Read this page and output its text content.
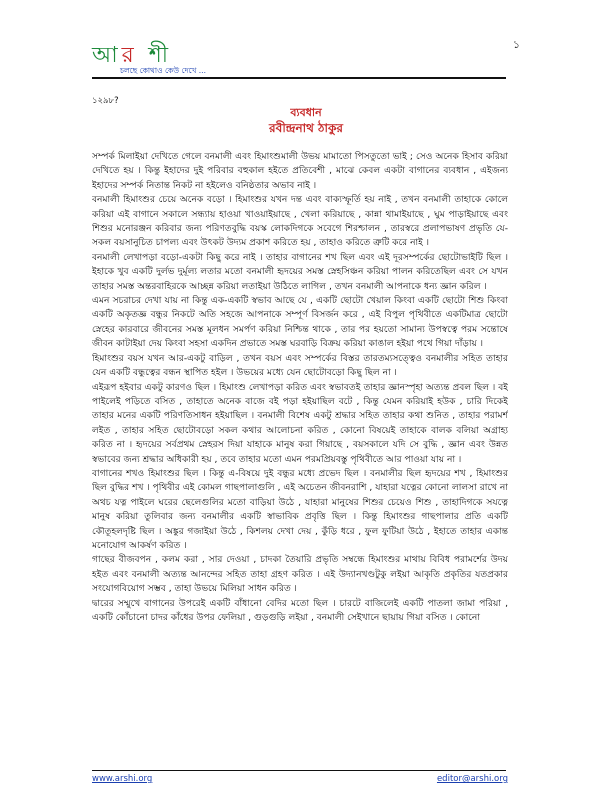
আর শী
চলছে কোথাও কেউ দেখে ...
১
১২৯৮?
ব্যবধান
রবীন্দ্রনাথ ঠাকুর

সম্পর্ক মিলাইয়া দেখিতে গেলে বনমালী এবং হিমাংশুমালী উভয় মামাতো পিসতুতো ভাই ; সেও অনেক হিসাব করিয়া দেখিতে হয় । কিন্তু ইহাদের দুই পরিবার বহুকাল হইতে প্রতিবেশী , মাঝে কেবল একটা বাগানের ব্যবধান , এইজন্য ইহাদের সম্পর্ক নিতান্ত নিকট না হইলেও বনিষ্ঠতার অভাব নাই ।

বনমালী হিমাংশুর চেয়ে অনেক বড়ো । হিমাংশুর যখন দন্ত এবং বাক্যস্ফূর্তি হয় নাই , তখন বনমালী তাহাকে কোলে করিয়া এই বাগানে সকালে সন্ধ্যায় হাওয়া খাওয়াইয়াছে , খেলা করিয়াছে , কান্না থামাইয়াছে , ঘুম পাড়াইয়াছে এবং শিশুর মনোরঞ্জন করিবার জন্য পরিণতবুদ্ধি বয়স্ক লোকদিগকে সবেগে শিরশ্চালন , তারস্বরে প্রলাপভাষণ প্রভৃতি যে-সকল বয়সানুচিত চাপল্য এবং উৎকট উদ্যম প্রকাশ করিতে হয় , তাহাও করিতে ত্রুটি করে নাই ।

বনমালী লেখাপড়া বড়ো-একটা কিছু করে নাই । তাহার বাগানের শখ ছিল এবং এই দূরসম্পর্কের ছোটোভাইটি ছিল । ইহাকে খুব একটি দুর্লভ দুর্মূল্য লতার মতো বনমালী হৃদয়ের সমস্ত স্নেহসিঞ্চন করিয়া পালন করিতেছিল এবং সে যখন তাহার সমস্ত অন্তরবাহিরকে আচ্ছন্ন করিয়া লতাইয়া উঠিতে লাগিল , তখন বনমালী আপনাকে ধন্য জ্ঞান করিল ।

এমন সচরাচর দেখা যায় না কিন্তু এক-একটি স্বভাব আছে যে , একটি ছোটো খেয়াল কিংবা একটি ছোটো শিশু কিংবা একটি অকৃতজ্ঞ বন্ধুর নিকটে অতি সহজে আপনাকে সম্পূর্ণ বিসর্জন করে , এই বিপুল পৃথিবীতে একটিমাত্র ছোটো স্নেহের কারবারে জীবনের সমস্ত মূলধন সমর্পণ করিয়া নিশ্চিন্ত থাকে , তার পর হয়তো সামান্য উপস্বত্বে পরম সন্তোষে জীবন কাটাইয়া দেয় কিংবা সহসা একদিন প্রভাতে সমস্ত ঘরবাড়ি বিক্রয় করিয়া কাঙাল হইয়া পথে গিয়া দাঁড়ায় ।

হিমাংশুর বয়স যখন আর-একটু বাড়িল , তখন বয়স এবং সম্পর্কের বিস্তর তারতম্যসত্ত্বেও বনমালীর সহিত তাহার যেন একটি বন্ধুত্বের বন্ধন স্থাপিত হইল । উভয়ের মধ্যে যেন ছোটোবড়ো কিছু ছিল না ।

এইরূপ হইবার একটু কারণও ছিল । হিমাংশু লেখাপড়া করিত এবং স্বভাবতই তাহার জ্ঞানস্পৃহা অত্যন্ত প্রবল ছিল । বই পাইলেই পড়িতে বসিত , তাহাতে অনেক বাজে বই পড়া হইয়াছিল বটে , কিন্তু যেমন করিয়াই হউক , চারি দিকেই তাহার মনের একটি পরিণতিসাধন হইয়াছিল । বনমালী বিশেষ একটু শ্রদ্ধার সহিত তাহার কথা শুনিত , তাহার পরামর্শ লইত , তাহার সহিত ছোটোবড়ো সকল কথার আলোচনা করিত , কোনো বিষয়েই তাহাকে বালক বলিয়া অগ্রাহ্য করিত না । হৃদয়ের সর্বপ্রথম স্নেহরস দিয়া যাহাকে মানুষ করা গিয়াছে , বয়সকালে যদি সে বুদ্ধি , জ্ঞান এবং উন্নত স্বভাবের জন্য শ্রদ্ধার অধিকারী হয় , তবে তাহার মতো এমন পরমপ্রিয়বস্তু পৃথিবীতে আর পাওয়া যায় না ।

বাগানের শখও হিমাংশুর ছিল । কিন্তু এ-বিষয়ে দুই বন্ধুর মধ্যে প্রভেদ ছিল । বনমালীর ছিল হৃদয়ের শখ , হিমাংশুর ছিল বুদ্ধির শখ । পৃথিবীর এই কোমল গাছপালাগুলি , এই অচেতন জীবনরাশি , যাহারা যত্নের কোনো লালসা রাখে না অথচ যত্ন পাইলে ঘরের ছেলেগুলির মতো বাড়িয়া উঠে , যাহারা মানুষের শিশুর চেয়েও শিশু , তাহাদিগকে সযত্নে মানুষ করিয়া তুলিবার জন্য বনমালীর একটি স্বাভাবিক প্রবৃত্তি ছিল । কিন্তু হিমাংশুর গাছপালার প্রতি একটি কৌতূহলদৃষ্টি ছিল । অঙ্কুর গজাইয়া উঠে , কিশলয় দেখা দেয় , কুঁড়ি ধরে , ফুল ফুটিয়া উঠে , ইহাতে তাহার একান্ত মনোযোগ আকর্ষণ করিত ।

গাছের বীজবপন , কলম করা , সার দেওয়া , চাদকা তৈয়ারি প্রভৃতি সম্বন্ধে হিমাংশুর মাথায় বিবিধ পরামর্শের উদয় হইত এবং বনমালী অত্যন্ত আনন্দের সহিত তাহা গ্রহণ করিত । এই উদ্যানখণ্ডটুকু লইয়া আকৃতি প্রকৃতির যতপ্রকার সংযোগবিয়োগ সম্ভব , তাহা উভয়ে মিলিয়া সাধন করিত ।

দ্বারের সম্মুখে বাগানের উপরেই একটি বাঁধানো বেদির মতো ছিল । চারটে বাজিলেই একটি পাতলা জামা পরিয়া , একটি কোঁচানো চাদর কাঁধের উপর ফেলিয়া , গুড়গুড়ি লইয়া , বনমালী সেইখানে ছায়ায় গিয়া বসিত । কোনো

www.arshi.org	editor@arshi.org
